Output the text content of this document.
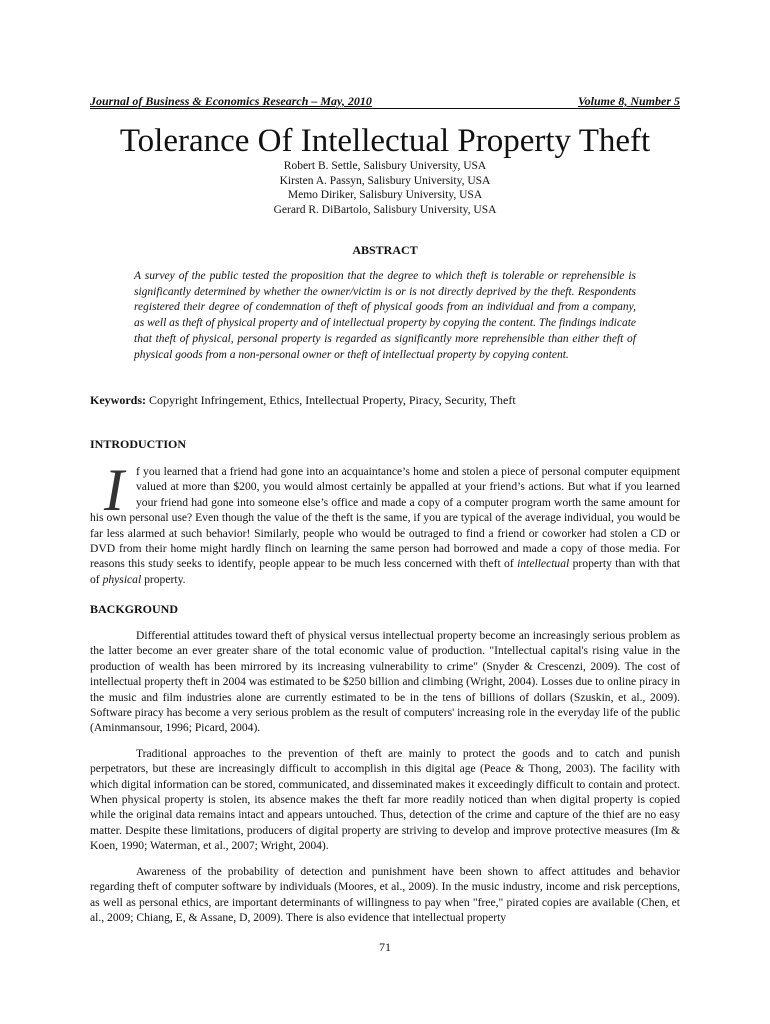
Journal of Business & Economics Research – May, 2010	Volume 8, Number 5
Tolerance Of Intellectual Property Theft
Robert B. Settle, Salisbury University, USA
Kirsten A. Passyn, Salisbury University, USA
Memo Diriker, Salisbury University, USA
Gerard R. DiBartolo, Salisbury University, USA
ABSTRACT
A survey of the public tested the proposition that the degree to which theft is tolerable or reprehensible is significantly determined by whether the owner/victim is or is not directly deprived by the theft. Respondents registered their degree of condemnation of theft of physical goods from an individual and from a company, as well as theft of physical property and of intellectual property by copying the content. The findings indicate that theft of physical, personal property is regarded as significantly more reprehensible than either theft of physical goods from a non-personal owner or theft of intellectual property by copying content.
Keywords: Copyright Infringement, Ethics, Intellectual Property, Piracy, Security, Theft
INTRODUCTION

I f you learned that a friend had gone into an acquaintance’s home and stolen a piece of personal computer equipment valued at more than $200, you would almost certainly be appalled at your friend’s actions. But what if you learned your friend had gone into someone else’s office and made a copy of a computer program worth the same amount for his own personal use? Even though the value of the theft is the same, if you are typical of the average individual, you would be far less alarmed at such behavior! Similarly, people who would be outraged to find a friend or coworker had stolen a CD or DVD from their home might hardly flinch on learning the same person had borrowed and made a copy of those media. For reasons this study seeks to identify, people appear to be much less concerned with theft of intellectual property than with that of physical property.

BACKGROUND

Differential attitudes toward theft of physical versus intellectual property become an increasingly serious problem as the latter become an ever greater share of the total economic value of production. "Intellectual capital's rising value in the production of wealth has been mirrored by its increasing vulnerability to crime" (Snyder & Crescenzi, 2009). The cost of intellectual property theft in 2004 was estimated to be $250 billion and climbing (Wright, 2004). Losses due to online piracy in the music and film industries alone are currently estimated to be in the tens of billions of dollars (Szuskin, et al., 2009). Software piracy has become a very serious problem as the result of computers' increasing role in the everyday life of the public (Aminmansour, 1996; Picard, 2004).

Traditional approaches to the prevention of theft are mainly to protect the goods and to catch and punish perpetrators, but these are increasingly difficult to accomplish in this digital age (Peace & Thong, 2003). The facility with which digital information can be stored, communicated, and disseminated makes it exceedingly difficult to contain and protect. When physical property is stolen, its absence makes the theft far more readily noticed than when digital property is copied while the original data remains intact and appears untouched. Thus, detection of the crime and capture of the thief are no easy matter. Despite these limitations, producers of digital property are striving to develop and improve protective measures (Im & Koen, 1990; Waterman, et al., 2007; Wright, 2004).

Awareness of the probability of detection and punishment have been shown to affect attitudes and behavior regarding theft of computer software by individuals (Moores, et al., 2009). In the music industry, income and risk perceptions, as well as personal ethics, are important determinants of willingness to pay when "free," pirated copies are available (Chen, et al., 2009; Chiang, E, & Assane, D, 2009). There is also evidence that intellectual property

71
